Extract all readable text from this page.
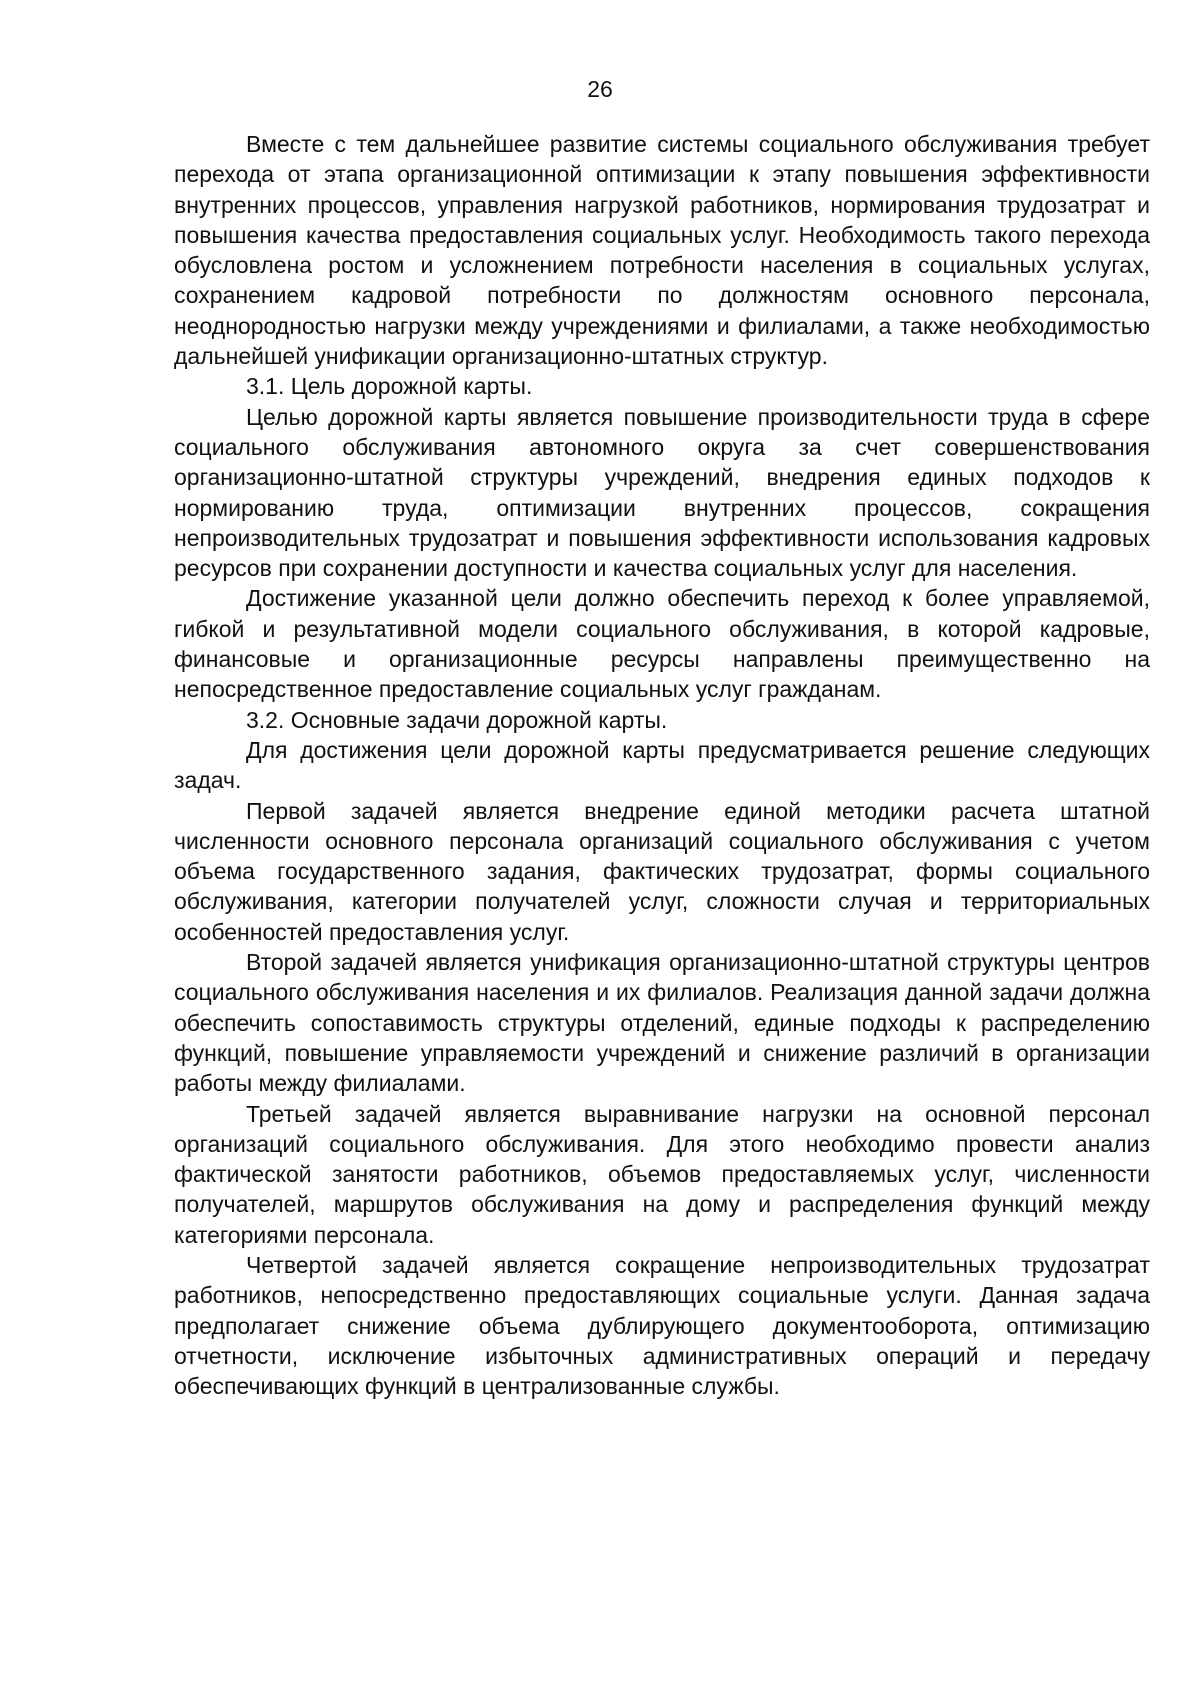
26

Вместе с тем дальнейшее развитие системы социального обслуживания требует перехода от этапа организационной оптимизации к этапу повышения эффективности внутренних процессов, управления нагрузкой работников, нормирования трудозатрат и повышения качества предоставления социальных услуг. Необходимость такого перехода обусловлена ростом и усложнением потребности населения в социальных услугах, сохранением кадровой потребности по должностям основного персонала, неоднородностью нагрузки между учреждениями и филиалами, а также необходимостью дальнейшей унификации организационно-штатных структур.

3.1. Цель дорожной карты.

Целью дорожной карты является повышение производительности труда в сфере социального обслуживания автономного округа за счет совершенствования организационно-штатной структуры учреждений, внедрения единых подходов к нормированию труда, оптимизации внутренних процессов, сокращения непроизводительных трудозатрат и повышения эффективности использования кадровых ресурсов при сохранении доступности и качества социальных услуг для населения.

Достижение указанной цели должно обеспечить переход к более управляемой, гибкой и результативной модели социального обслуживания, в которой кадровые, финансовые и организационные ресурсы направлены преимущественно на непосредственное предоставление социальных услуг гражданам.

3.2. Основные задачи дорожной карты.

Для достижения цели дорожной карты предусматривается решение следующих задач.

Первой задачей является внедрение единой методики расчета штатной численности основного персонала организаций социального обслуживания с учетом объема государственного задания, фактических трудозатрат, формы социального обслуживания, категории получателей услуг, сложности случая и территориальных особенностей предоставления услуг.

Второй задачей является унификация организационно-штатной структуры центров социального обслуживания населения и их филиалов. Реализация данной задачи должна обеспечить сопоставимость структуры отделений, единые подходы к распределению функций, повышение управляемости учреждений и снижение различий в организации работы между филиалами.

Третьей задачей является выравнивание нагрузки на основной персонал организаций социального обслуживания. Для этого необходимо провести анализ фактической занятости работников, объемов предоставляемых услуг, численности получателей, маршрутов обслуживания на дому и распределения функций между категориями персонала.

Четвертой задачей является сокращение непроизводительных трудозатрат работников, непосредственно предоставляющих социальные услуги. Данная задача предполагает снижение объема дублирующего документооборота, оптимизацию отчетности, исключение избыточных административных операций и передачу обеспечивающих функций в централизованные службы.
